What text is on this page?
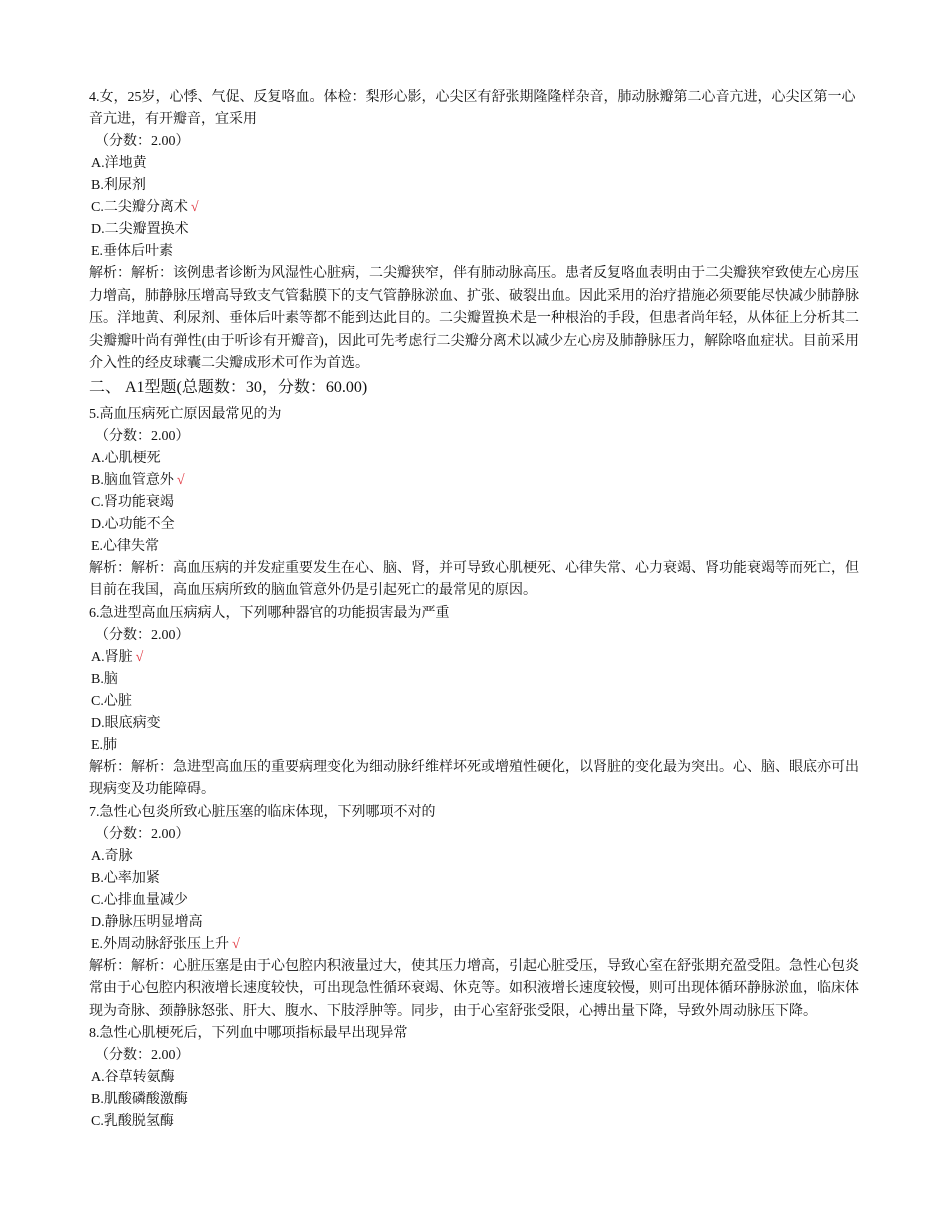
4.女，25岁，心悸、气促、反复咯血。体检：梨形心影，心尖区有舒张期隆隆样杂音，肺动脉瓣第二心音亢进，心尖区第一心
音亢进，有开瓣音，宜采用
（分数：2.00）
A.洋地黄
B.利尿剂
C.二尖瓣分离术 √
D.二尖瓣置换术
E.垂体后叶素
解析：解析：该例患者诊断为风湿性心脏病，二尖瓣狭窄，伴有肺动脉高压。患者反复咯血表明由于二尖瓣狭窄致使左心房压力增高，肺静脉压增高导致支气管黏膜下的支气管静脉淤血、扩张、破裂出血。因此采用的治疗措施必须要能尽快减少肺静脉压。洋地黄、利尿剂、垂体后叶素等都不能到达此目的。二尖瓣置换术是一种根治的手段，但患者尚年轻，从体征上分析其二尖瓣瓣叶尚有弹性(由于听诊有开瓣音)，因此可先考虑行二尖瓣分离术以减少左心房及肺静脉压力，解除咯血症状。目前采用介入性的经皮球囊二尖瓣成形术可作为首选。
二、 A1型题(总题数：30，分数：60.00)
5.高血压病死亡原因最常见的为
（分数：2.00）
A.心肌梗死
B.脑血管意外 √
C.肾功能衰竭
D.心功能不全
E.心律失常
解析：解析：高血压病的并发症重要发生在心、脑、肾，并可导致心肌梗死、心律失常、心力衰竭、肾功能衰竭等而死亡，但目前在我国，高血压病所致的脑血管意外仍是引起死亡的最常见的原因。
6.急进型高血压病病人，下列哪种器官的功能损害最为严重
（分数：2.00）
A.肾脏 √
B.脑
C.心脏
D.眼底病变
E.肺
解析：解析：急进型高血压的重要病理变化为细动脉纤维样坏死或增殖性硬化，以肾脏的变化最为突出。心、脑、眼底亦可出现病变及功能障碍。
7.急性心包炎所致心脏压塞的临床体现，下列哪项不对的
（分数：2.00）
A.奇脉
B.心率加紧
C.心排血量减少
D.静脉压明显增高
E.外周动脉舒张压上升 √
解析：解析：心脏压塞是由于心包腔内积液量过大，使其压力增高，引起心脏受压，导致心室在舒张期充盈受阻。急性心包炎常由于心包腔内积液增长速度较快，可出现急性循环衰竭、休克等。如积液增长速度较慢，则可出现体循环静脉淤血，临床体现为奇脉、颈静脉怒张、肝大、腹水、下肢浮肿等。同步，由于心室舒张受限，心搏出量下降，导致外周动脉压下降。
8.急性心肌梗死后，下列血中哪项指标最早出现异常
（分数：2.00）
A.谷草转氨酶
B.肌酸磷酸激酶
C.乳酸脱氢酶
